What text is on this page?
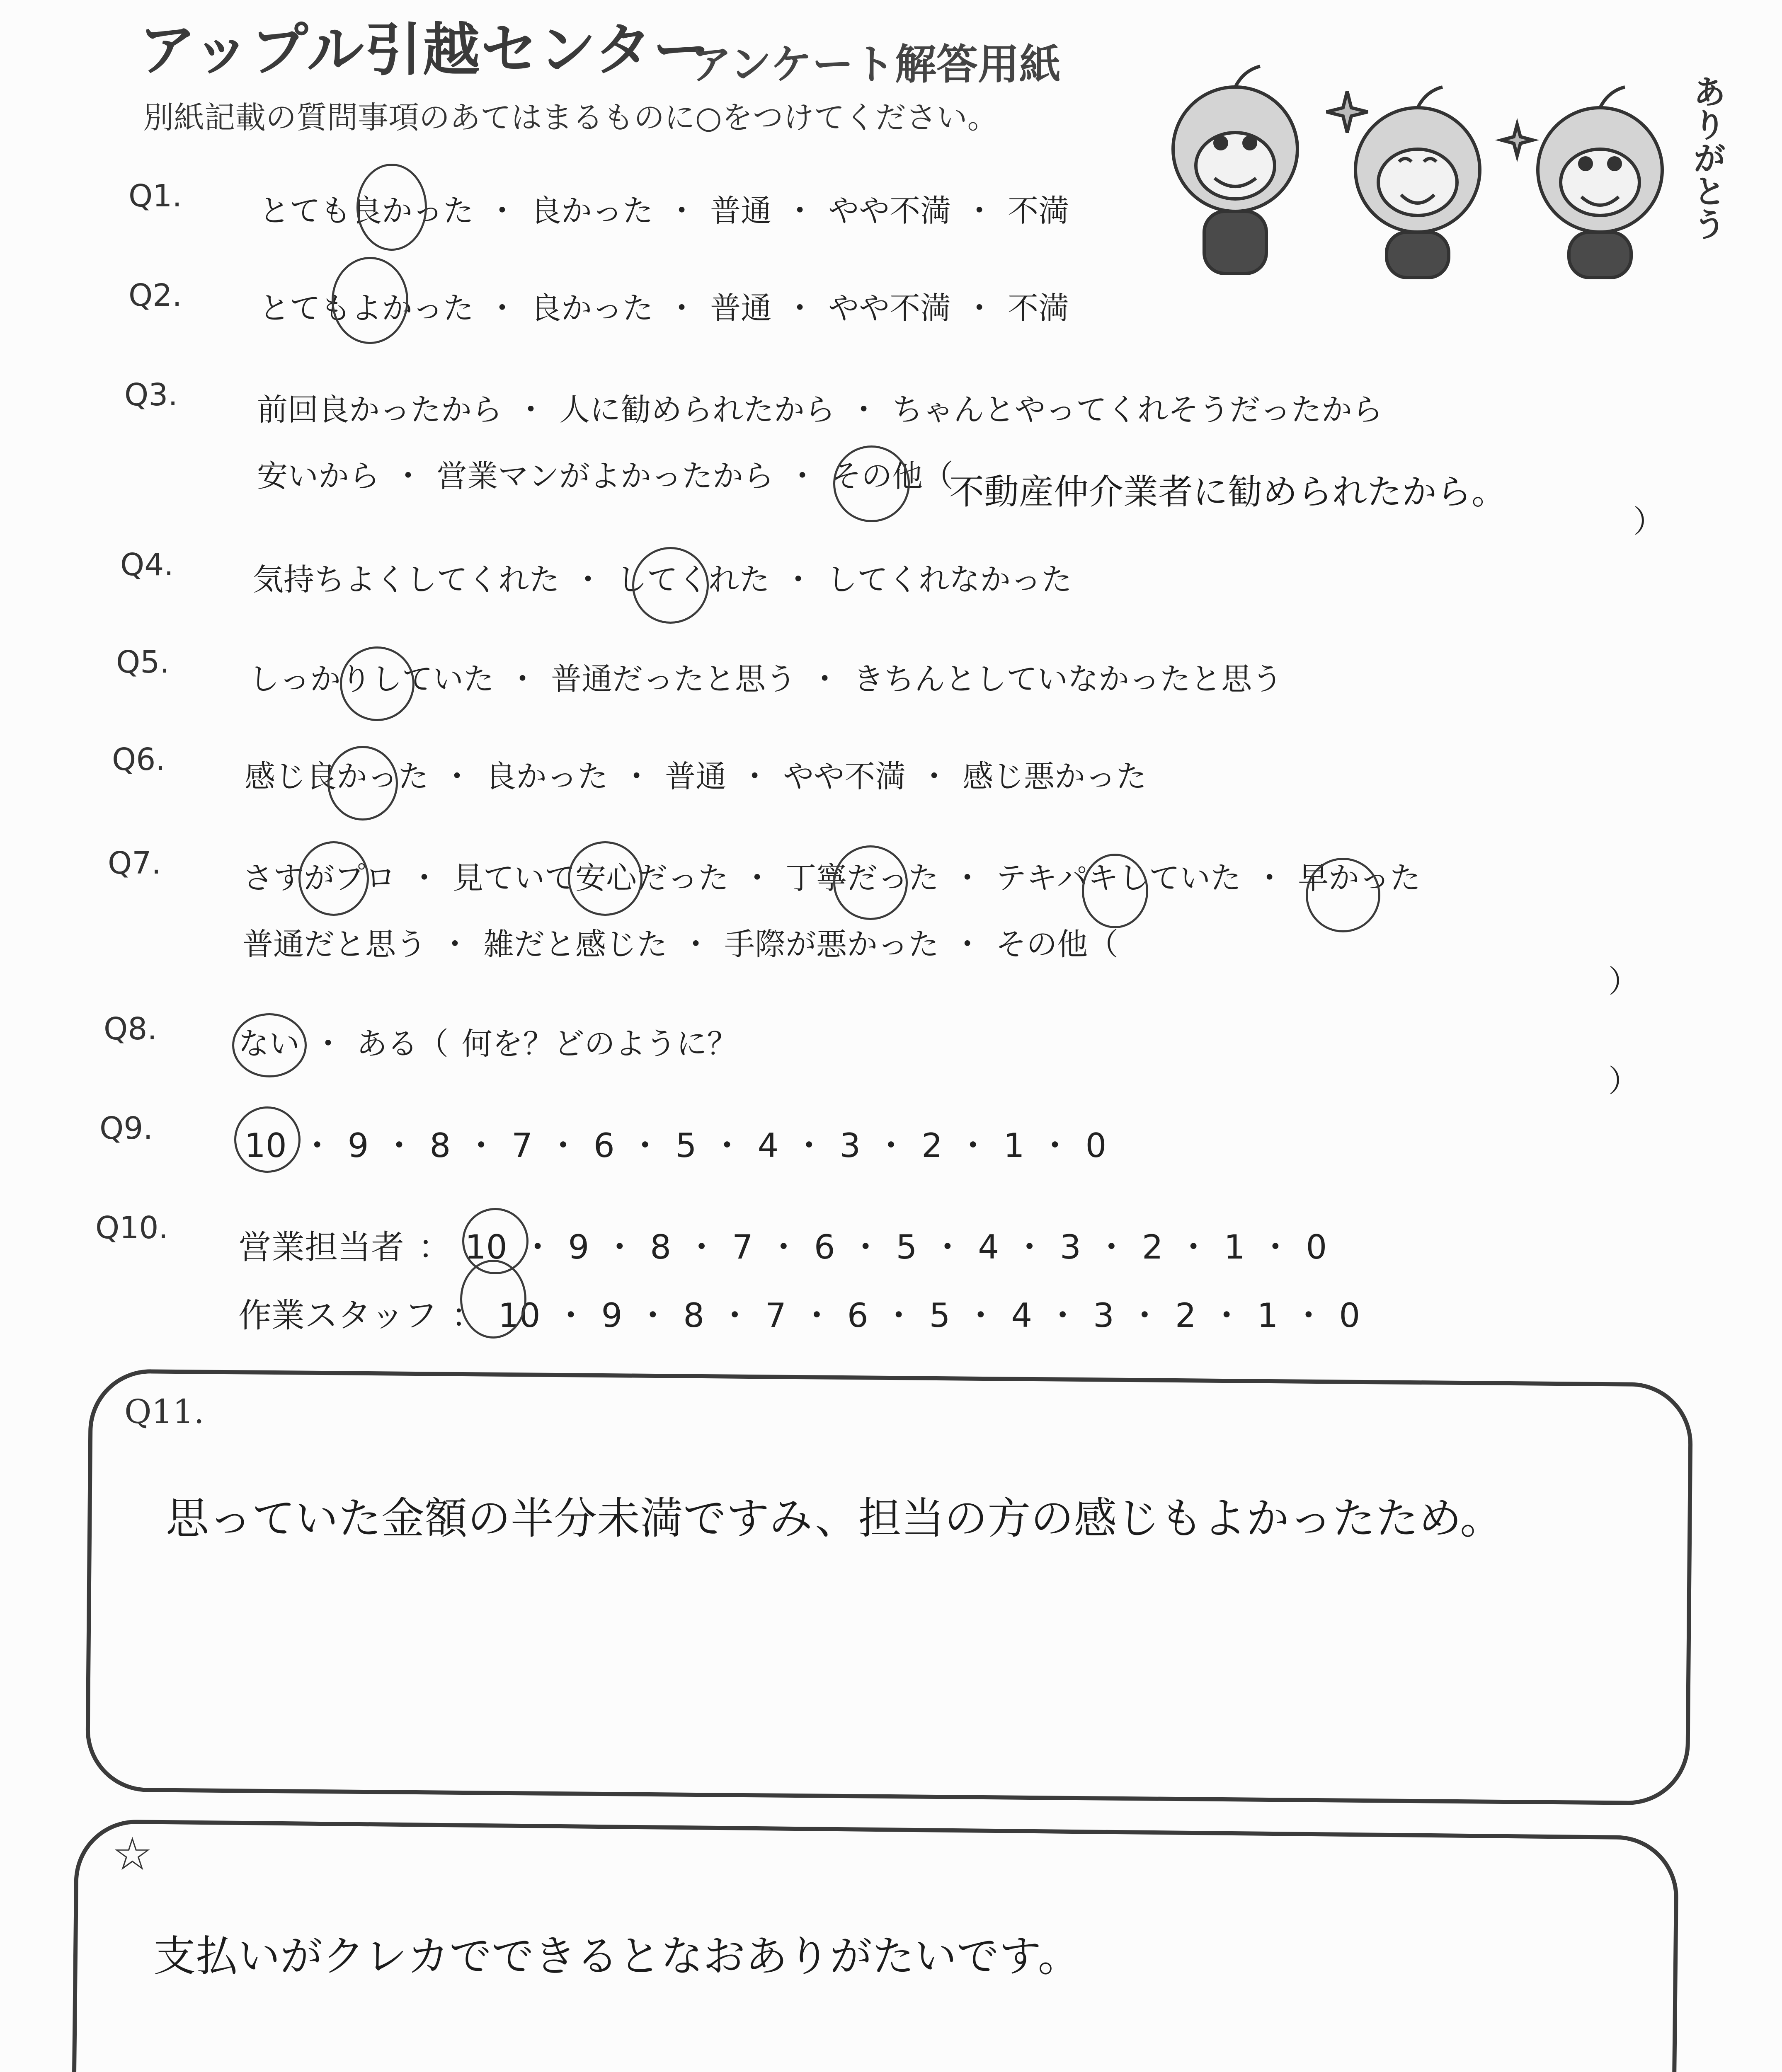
アップル引越センター
アンケート解答用紙
別紙記載の質問事項のあてはまるものに○をつけてください。	ありがとう
Q1.	とても良かった ・ 良かった ・ 普通 ・ やや不満 ・ 不満
Q2.	とてもよかった ・ 良かった ・ 普通 ・ やや不満 ・ 不満
Q3.	前回良かったから ・ 人に勧められたから ・ ちゃんとやってくれそうだったから
安いから ・ 営業マンがよかったから ・ その他（
不動産仲介業者に勧められたから。
）
Q4.	気持ちよくしてくれた ・ してくれた ・ してくれなかった
Q5.	しっかりしていた ・ 普通だったと思う ・ きちんとしていなかったと思う
Q6.	感じ良かった ・ 良かった ・ 普通 ・ やや不満 ・ 感じ悪かった
Q7.	さすがプロ ・ 見ていて安心だった ・ 丁寧だった ・ テキパキしていた ・ 早かった
普通だと思う ・ 雑だと感じた ・ 手際が悪かった ・ その他（
）
Q8.	ない ・ ある（ 何を？どのように？
）
Q9.	10 ・ 9 ・ 8 ・ 7 ・ 6 ・ 5 ・ 4 ・ 3 ・ 2 ・ 1 ・ 0
Q10. 営業担当者 ： 10 ・ 9 ・ 8 ・ 7 ・ 6 ・ 5 ・ 4 ・ 3 ・ 2 ・ 1 ・ 0
作業スタッフ ： 10 ・ 9 ・ 8 ・ 7 ・ 6 ・ 5 ・ 4 ・ 3 ・ 2 ・ 1 ・ 0
Q11.
思っていた金額の半分未満ですみ、担当の方の感じもよかったため。
☆
支払いがクレカでできるとなおありがたいです。
